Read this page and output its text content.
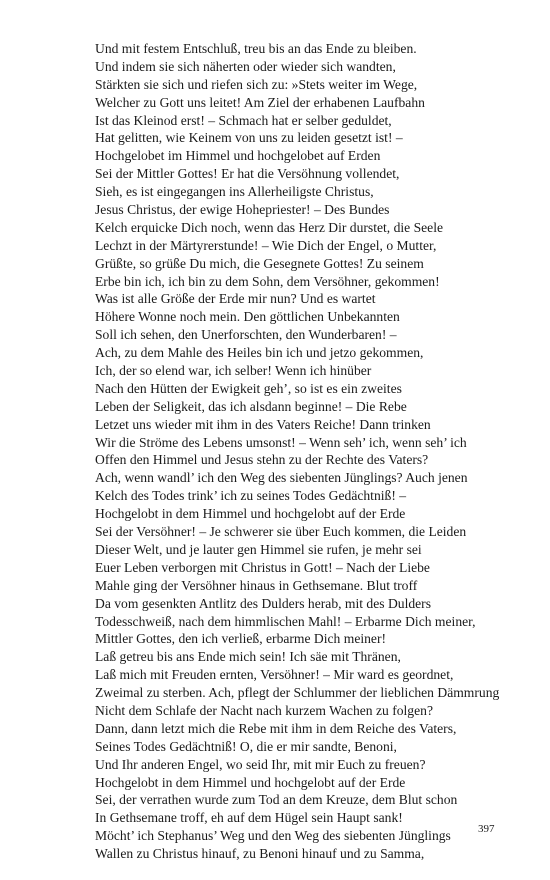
Und mit festem Entschluß, treu bis an das Ende zu bleiben.
Und indem sie sich näherten oder wieder sich wandten,
Stärkten sie sich und riefen sich zu: »Stets weiter im Wege,
Welcher zu Gott uns leitet! Am Ziel der erhabenen Laufbahn
Ist das Kleinod erst! – Schmach hat er selber geduldet,
Hat gelitten, wie Keinem von uns zu leiden gesetzt ist! –
Hochgelobet im Himmel und hochgelobet auf Erden
Sei der Mittler Gottes! Er hat die Versöhnung vollendet,
Sieh, es ist eingegangen ins Allerheiligste Christus,
Jesus Christus, der ewige Hohepriester! – Des Bundes
Kelch erquicke Dich noch, wenn das Herz Dir durstet, die Seele
Lechzt in der Märtyrerstunde! – Wie Dich der Engel, o Mutter,
Grüßte, so grüße Du mich, die Gesegnete Gottes! Zu seinem
Erbe bin ich, ich bin zu dem Sohn, dem Versöhner, gekommen!
Was ist alle Größe der Erde mir nun? Und es wartet
Höhere Wonne noch mein. Den göttlichen Unbekannten
Soll ich sehen, den Unerforschten, den Wunderbaren! –
Ach, zu dem Mahle des Heiles bin ich und jetzo gekommen,
Ich, der so elend war, ich selber! Wenn ich hinüber
Nach den Hütten der Ewigkeit geh’, so ist es ein zweites
Leben der Seligkeit, das ich alsdann beginne! – Die Rebe
Letzet uns wieder mit ihm in des Vaters Reiche! Dann trinken
Wir die Ströme des Lebens umsonst! – Wenn seh’ ich, wenn seh’ ich
Offen den Himmel und Jesus stehn zu der Rechte des Vaters?
Ach, wenn wandl’ ich den Weg des siebenten Jünglings? Auch jenen
Kelch des Todes trink’ ich zu seines Todes Gedächtniß! –
Hochgelobt in dem Himmel und hochgelobt auf der Erde
Sei der Versöhner! – Je schwerer sie über Euch kommen, die Leiden
Dieser Welt, und je lauter gen Himmel sie rufen, je mehr sei
Euer Leben verborgen mit Christus in Gott! – Nach der Liebe
Mahle ging der Versöhner hinaus in Gethsemane. Blut troff
Da vom gesenkten Antlitz des Dulders herab, mit des Dulders
Todesschweiß, nach dem himmlischen Mahl! – Erbarme Dich meiner,
Mittler Gottes, den ich verließ, erbarme Dich meiner!
Laß getreu bis ans Ende mich sein! Ich säe mit Thränen,
Laß mich mit Freuden ernten, Versöhner! – Mir ward es geordnet,
Zweimal zu sterben. Ach, pflegt der Schlummer der lieblichen Dämmrung
Nicht dem Schlafe der Nacht nach kurzem Wachen zu folgen?
Dann, dann letzt mich die Rebe mit ihm in dem Reiche des Vaters,
Seines Todes Gedächtniß! O, die er mir sandte, Benoni,
Und Ihr anderen Engel, wo seid Ihr, mit mir Euch zu freuen?
Hochgelobt in dem Himmel und hochgelobt auf der Erde
Sei, der verrathen wurde zum Tod an dem Kreuze, dem Blut schon
In Gethsemane troff, eh auf dem Hügel sein Haupt sank!
Möcht’ ich Stephanus’ Weg und den Weg des siebenten Jünglings
Wallen zu Christus hinauf, zu Benoni hinauf und zu Samma,
397
